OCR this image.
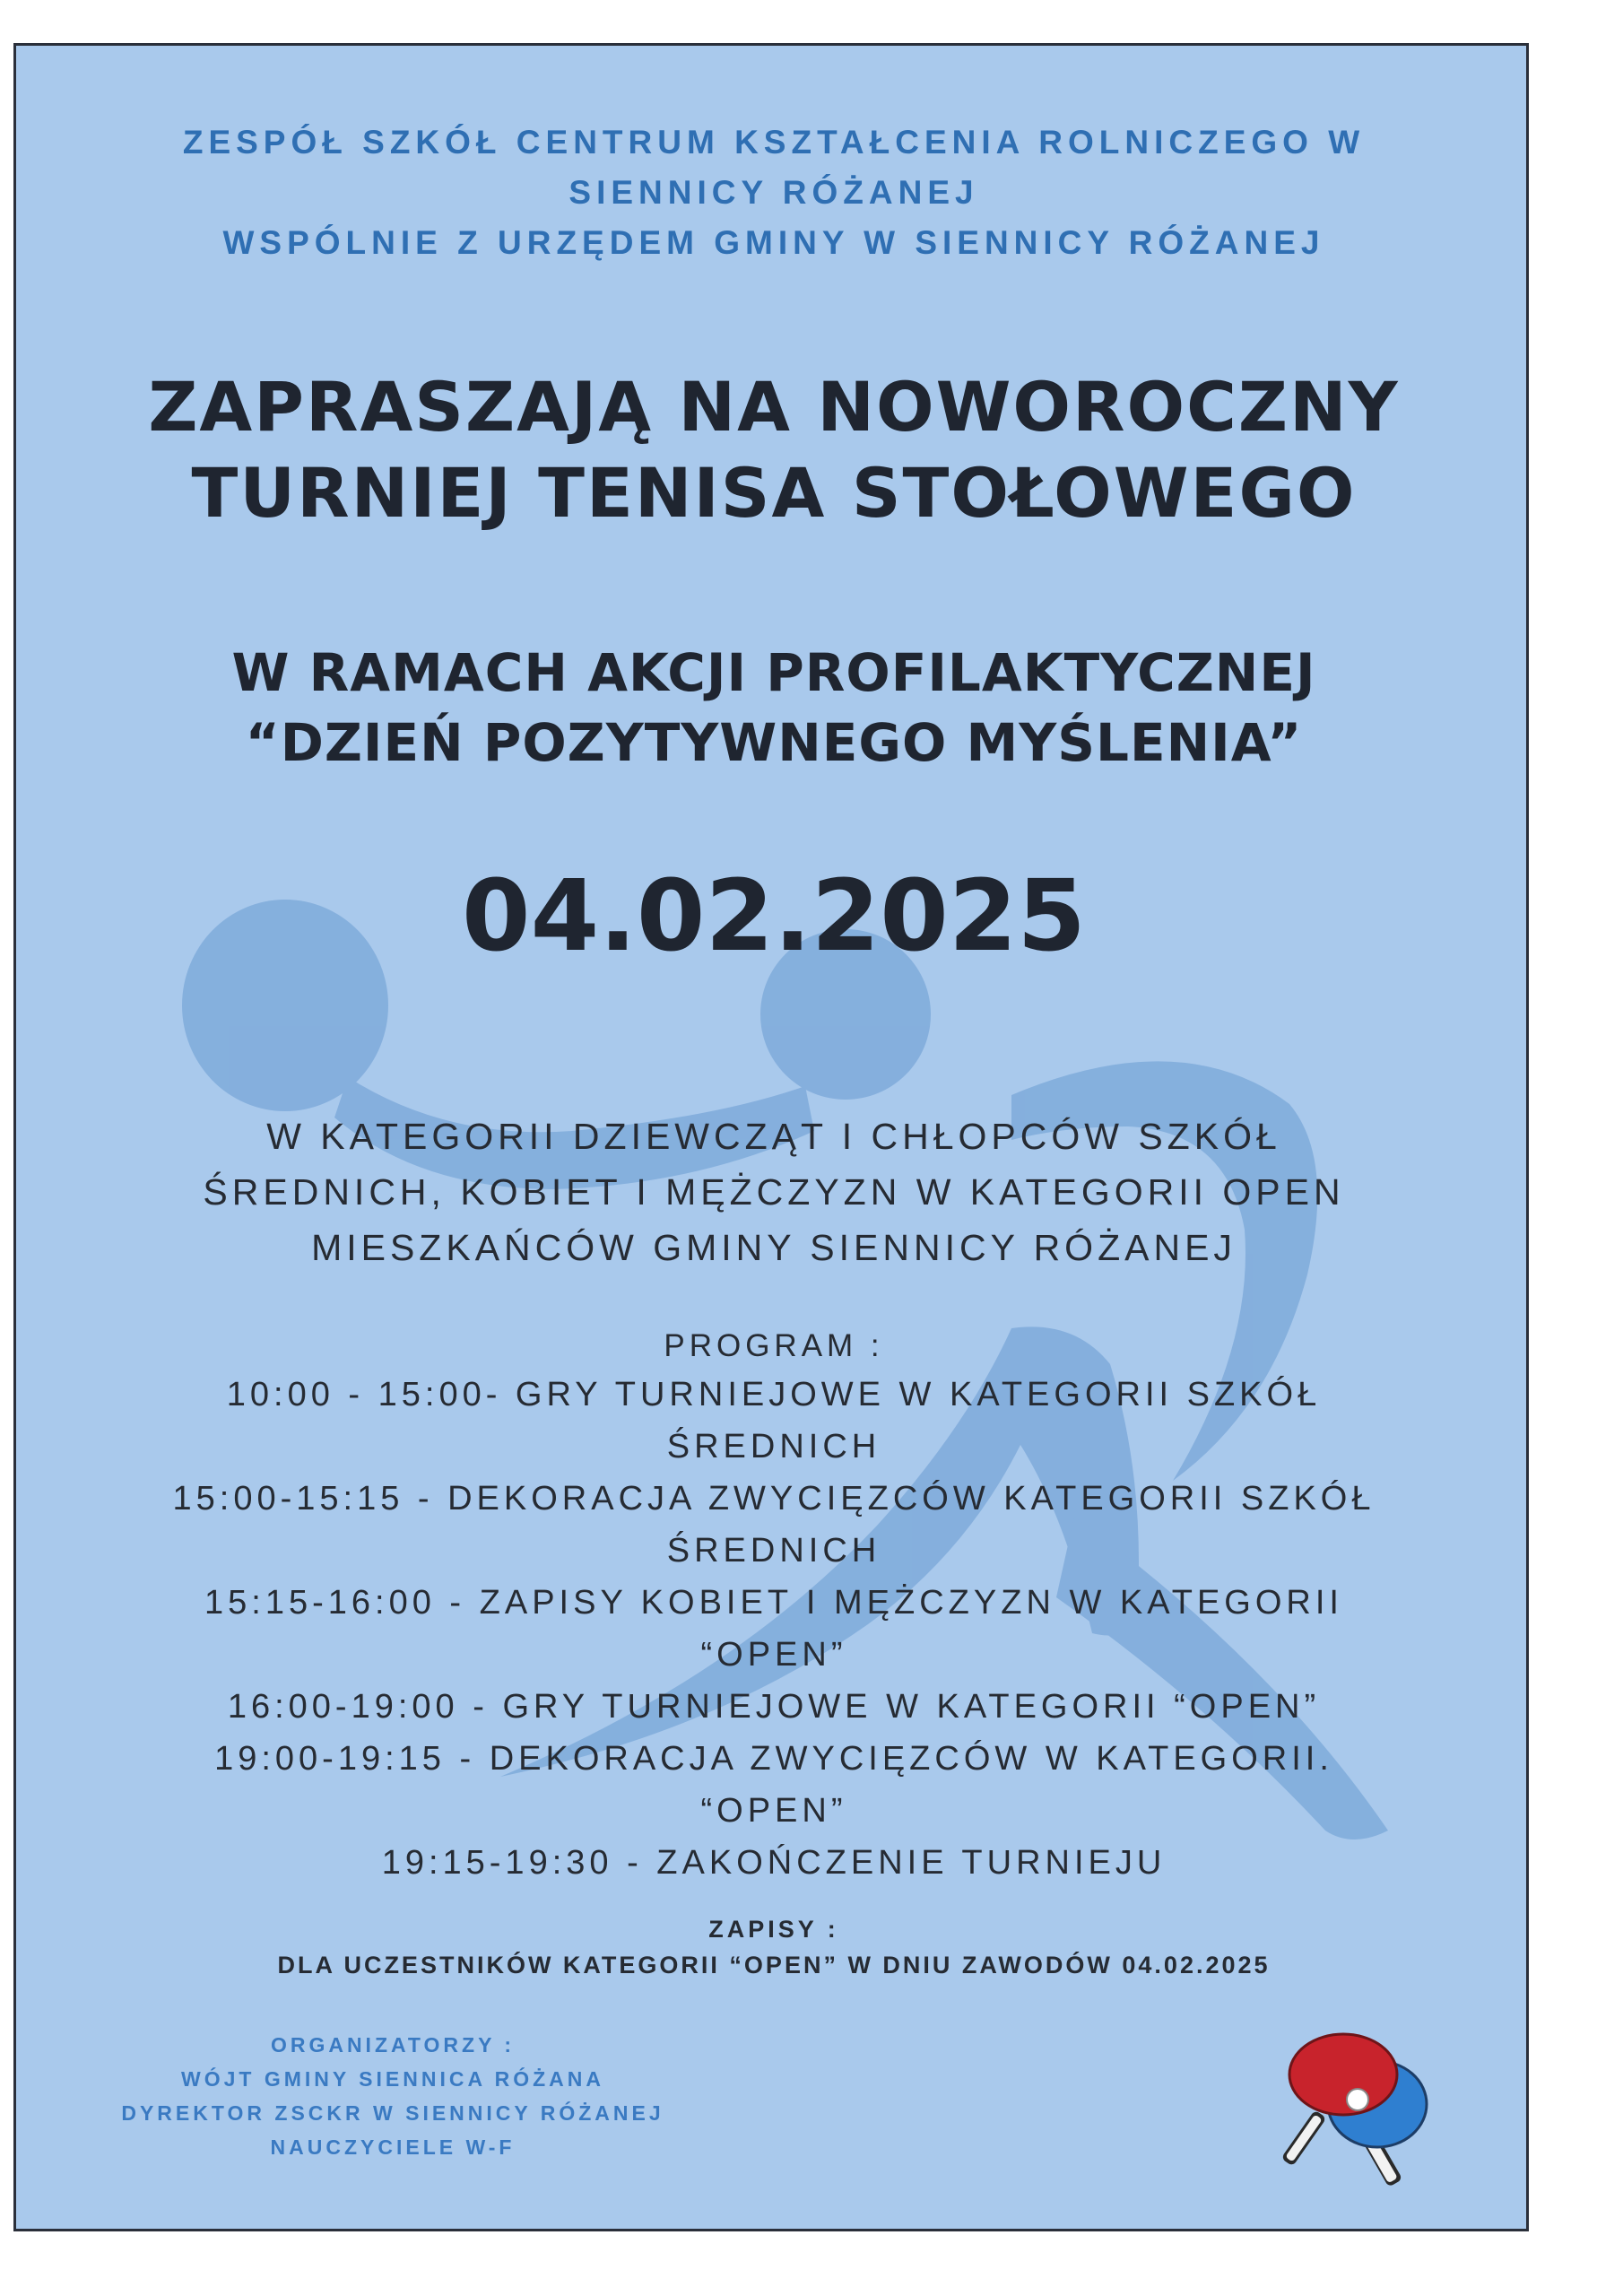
ZESPÓŁ SZKÓŁ CENTRUM KSZTAŁCENIA ROLNICZEGO W
SIENNICY RÓŻANEJ
WSPÓLNIE Z URZĘDEM GMINY W SIENNICY RÓŻANEJ
ZAPRASZAJĄ NA NOWOROCZNY
TURNIEJ TENISA STOŁOWEGO
W RAMACH AKCJI PROFILAKTYCZNEJ
“DZIEŃ POZYTYWNEGO MYŚLENIA”
04.02.2025
W KATEGORII DZIEWCZĄT I CHŁOPCÓW SZKÓŁ
ŚREDNICH, KOBIET I MĘŻCZYZN W KATEGORII OPEN
MIESZKAŃCÓW GMINY SIENNICY RÓŻANEJ
PROGRAM :
10:00 - 15:00- GRY TURNIEJOWE W KATEGORII SZKÓŁ
ŚREDNICH
15:00-15:15 - DEKORACJA ZWYCIĘZCÓW KATEGORII SZKÓŁ
ŚREDNICH
15:15-16:00 - ZAPISY KOBIET I MĘŻCZYZN W KATEGORII
“OPEN”
16:00-19:00 - GRY TURNIEJOWE W KATEGORII “OPEN”
19:00-19:15 - DEKORACJA ZWYCIĘZCÓW W KATEGORII.
“OPEN”
19:15-19:30 - ZAKOŃCZENIE TURNIEJU
ZAPISY :
DLA UCZESTNIKÓW KATEGORII “OPEN” W DNIU ZAWODÓW 04.02.2025
ORGANIZATORZY :
WÓJT GMINY SIENNICA RÓŻANA
DYREKTOR ZSCKR W SIENNICY RÓŻANEJ
NAUCZYCIELE W-F
